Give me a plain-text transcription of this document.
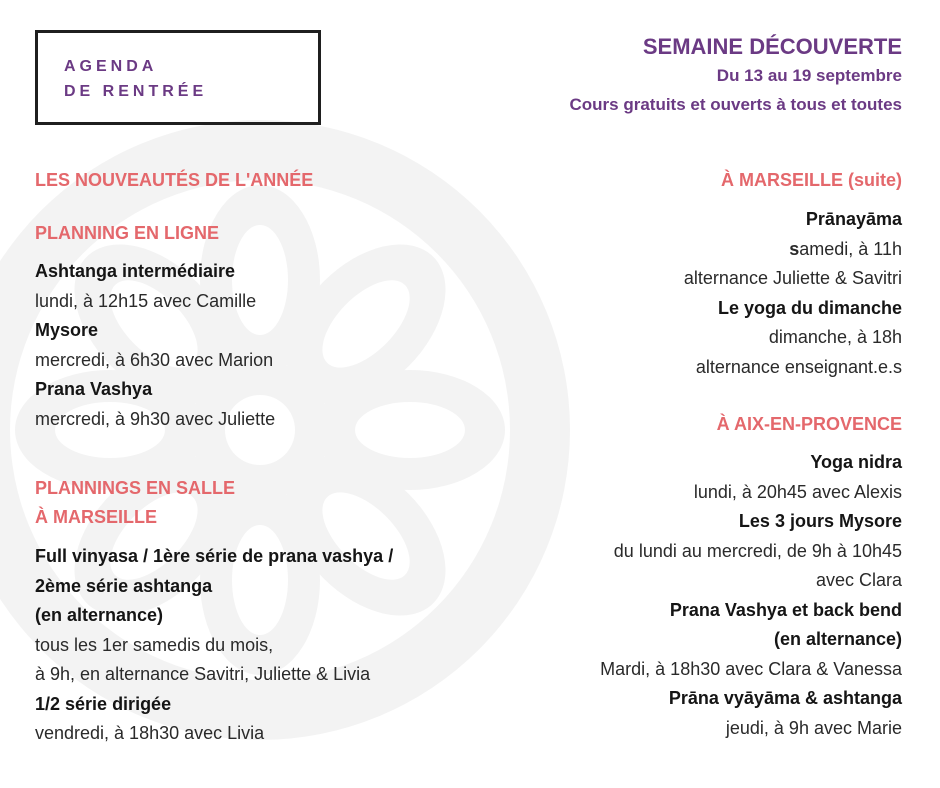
AGENDA
DE RENTRÉE
SEMAINE DÉCOUVERTE
Du 13 au 19 septembre
Cours gratuits et ouverts à tous et toutes
LES NOUVEAUTÉS DE L'ANNÉE
PLANNING EN LIGNE
Ashtanga intermédiaire
lundi, à 12h15 avec Camille
Mysore
mercredi, à 6h30 avec Marion
Prana Vashya
mercredi, à 9h30 avec Juliette
PLANNINGS EN SALLE
À MARSEILLE
Full vinyasa / 1ère série de prana vashya /
2ème série ashtanga
(en alternance)
tous les 1er samedis du mois,
à 9h, en alternance Savitri, Juliette & Livia
1/2 série dirigée
vendredi, à 18h30 avec Livia
À MARSEILLE (suite)
Prānayāma
samedi, à 11h
alternance Juliette & Savitri
Le yoga du dimanche
dimanche, à 18h
alternance enseignant.e.s
À AIX-EN-PROVENCE
Yoga nidra
lundi, à 20h45 avec Alexis
Les 3 jours Mysore
du lundi au mercredi, de 9h à 10h45
avec Clara
Prana Vashya et back bend
(en alternance)
Mardi, à 18h30 avec Clara & Vanessa
Prāna vyāyāma & ashtanga
jeudi, à 9h avec Marie
